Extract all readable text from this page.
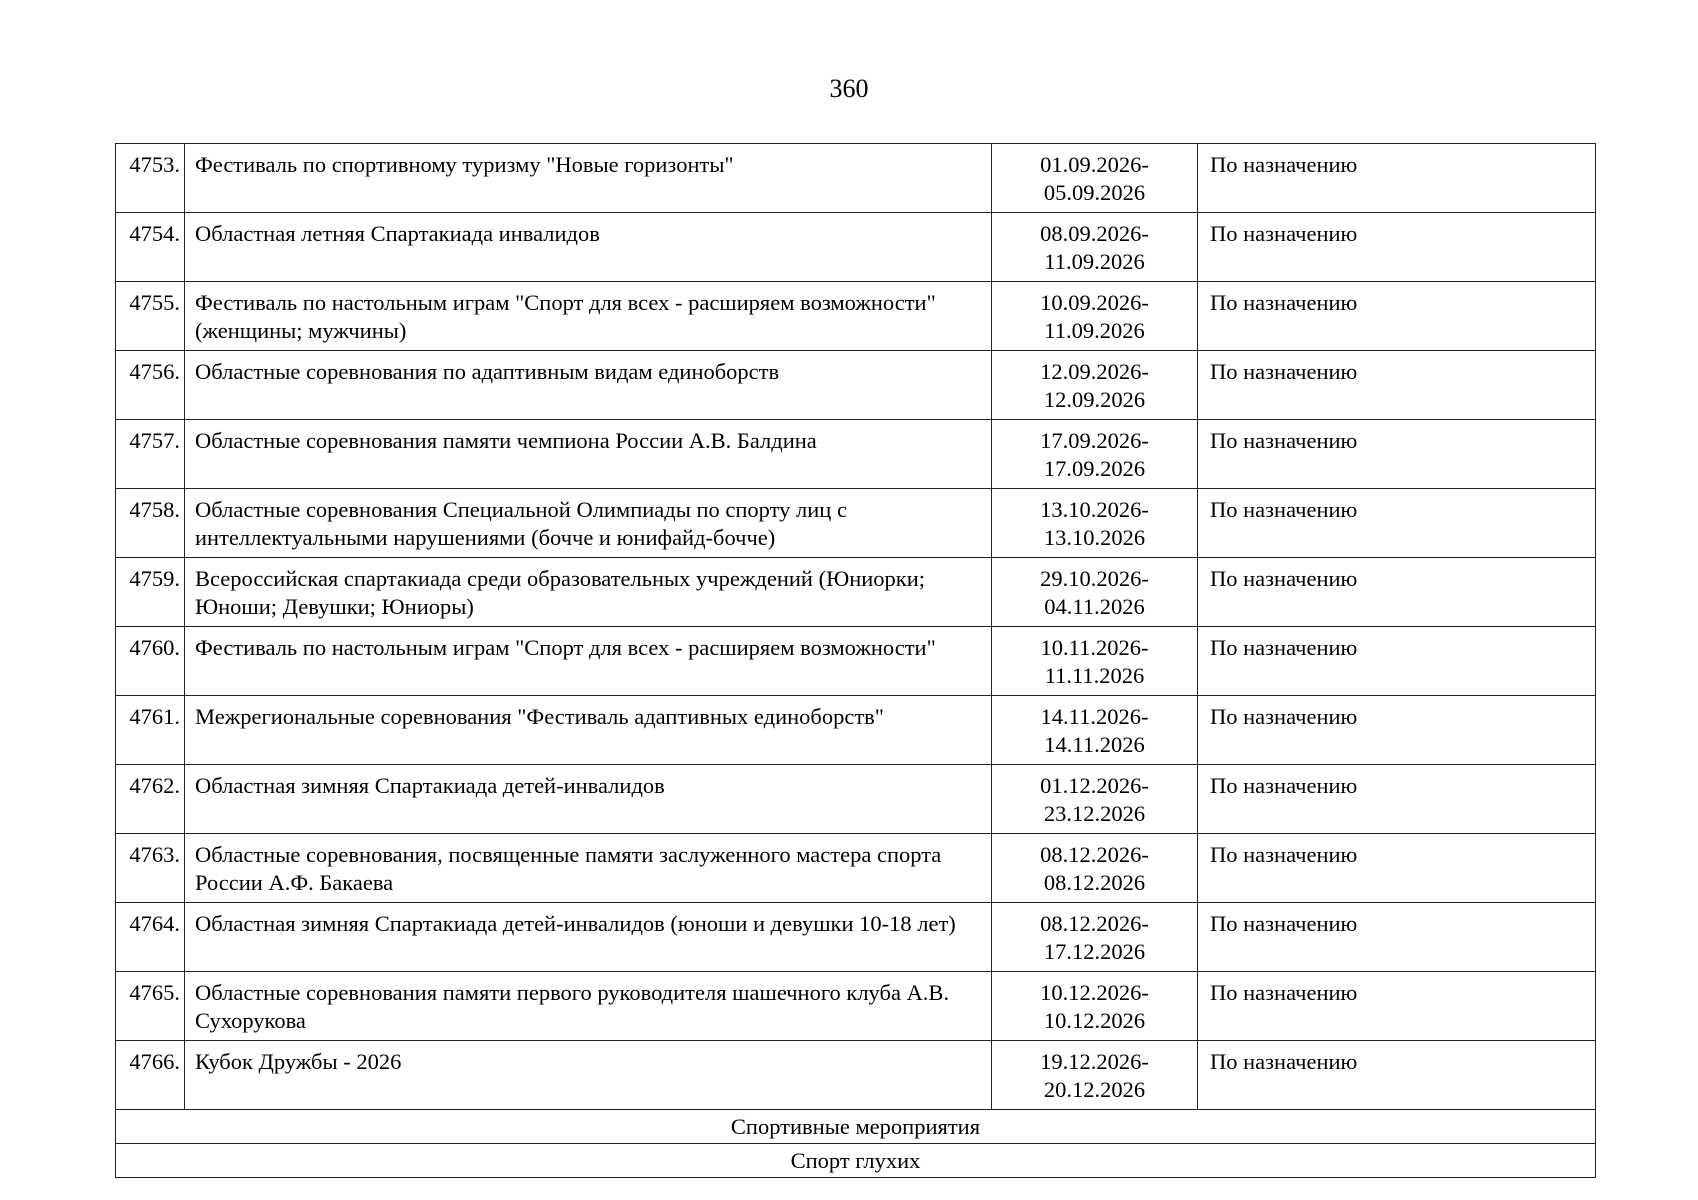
360
4753.	Фестиваль по спортивному туризму "Новые горизонты"	01.09.2026-
05.09.2026	По назначению
4754.	Областная летняя Спартакиада инвалидов	08.09.2026-
11.09.2026	По назначению
4755.	Фестиваль по настольным играм "Спорт для всех - расширяем возможности" (женщины; мужчины)	10.09.2026-
11.09.2026	По назначению
4756.	Областные соревнования по адаптивным видам единоборств	12.09.2026-
12.09.2026	По назначению
4757.	Областные соревнования памяти чемпиона России А.В. Балдина	17.09.2026-
17.09.2026	По назначению
4758.	Областные соревнования Специальной Олимпиады по спорту лиц с интеллектуальными нарушениями (бочче и юнифайд-бочче)	13.10.2026-
13.10.2026	По назначению
4759.	Всероссийская спартакиада среди образовательных учреждений (Юниорки; Юноши; Девушки; Юниоры)	29.10.2026-
04.11.2026	По назначению
4760.	Фестиваль по настольным играм "Спорт для всех - расширяем возможности"	10.11.2026-
11.11.2026	По назначению
4761.	Межрегиональные соревнования "Фестиваль адаптивных единоборств"	14.11.2026-
14.11.2026	По назначению
4762.	Областная зимняя Спартакиада детей-инвалидов	01.12.2026-
23.12.2026	По назначению
4763.	Областные соревнования, посвященные памяти заслуженного мастера спорта России А.Ф. Бакаева	08.12.2026-
08.12.2026	По назначению
4764.	Областная зимняя Спартакиада детей-инвалидов (юноши и девушки 10-18 лет)	08.12.2026-
17.12.2026	По назначению
4765.	Областные соревнования памяти первого руководителя шашечного клуба А.В. Сухорукова	10.12.2026-
10.12.2026	По назначению
4766.	Кубок Дружбы - 2026	19.12.2026-
20.12.2026	По назначению
Спортивные мероприятия			
Спорт глухих			
